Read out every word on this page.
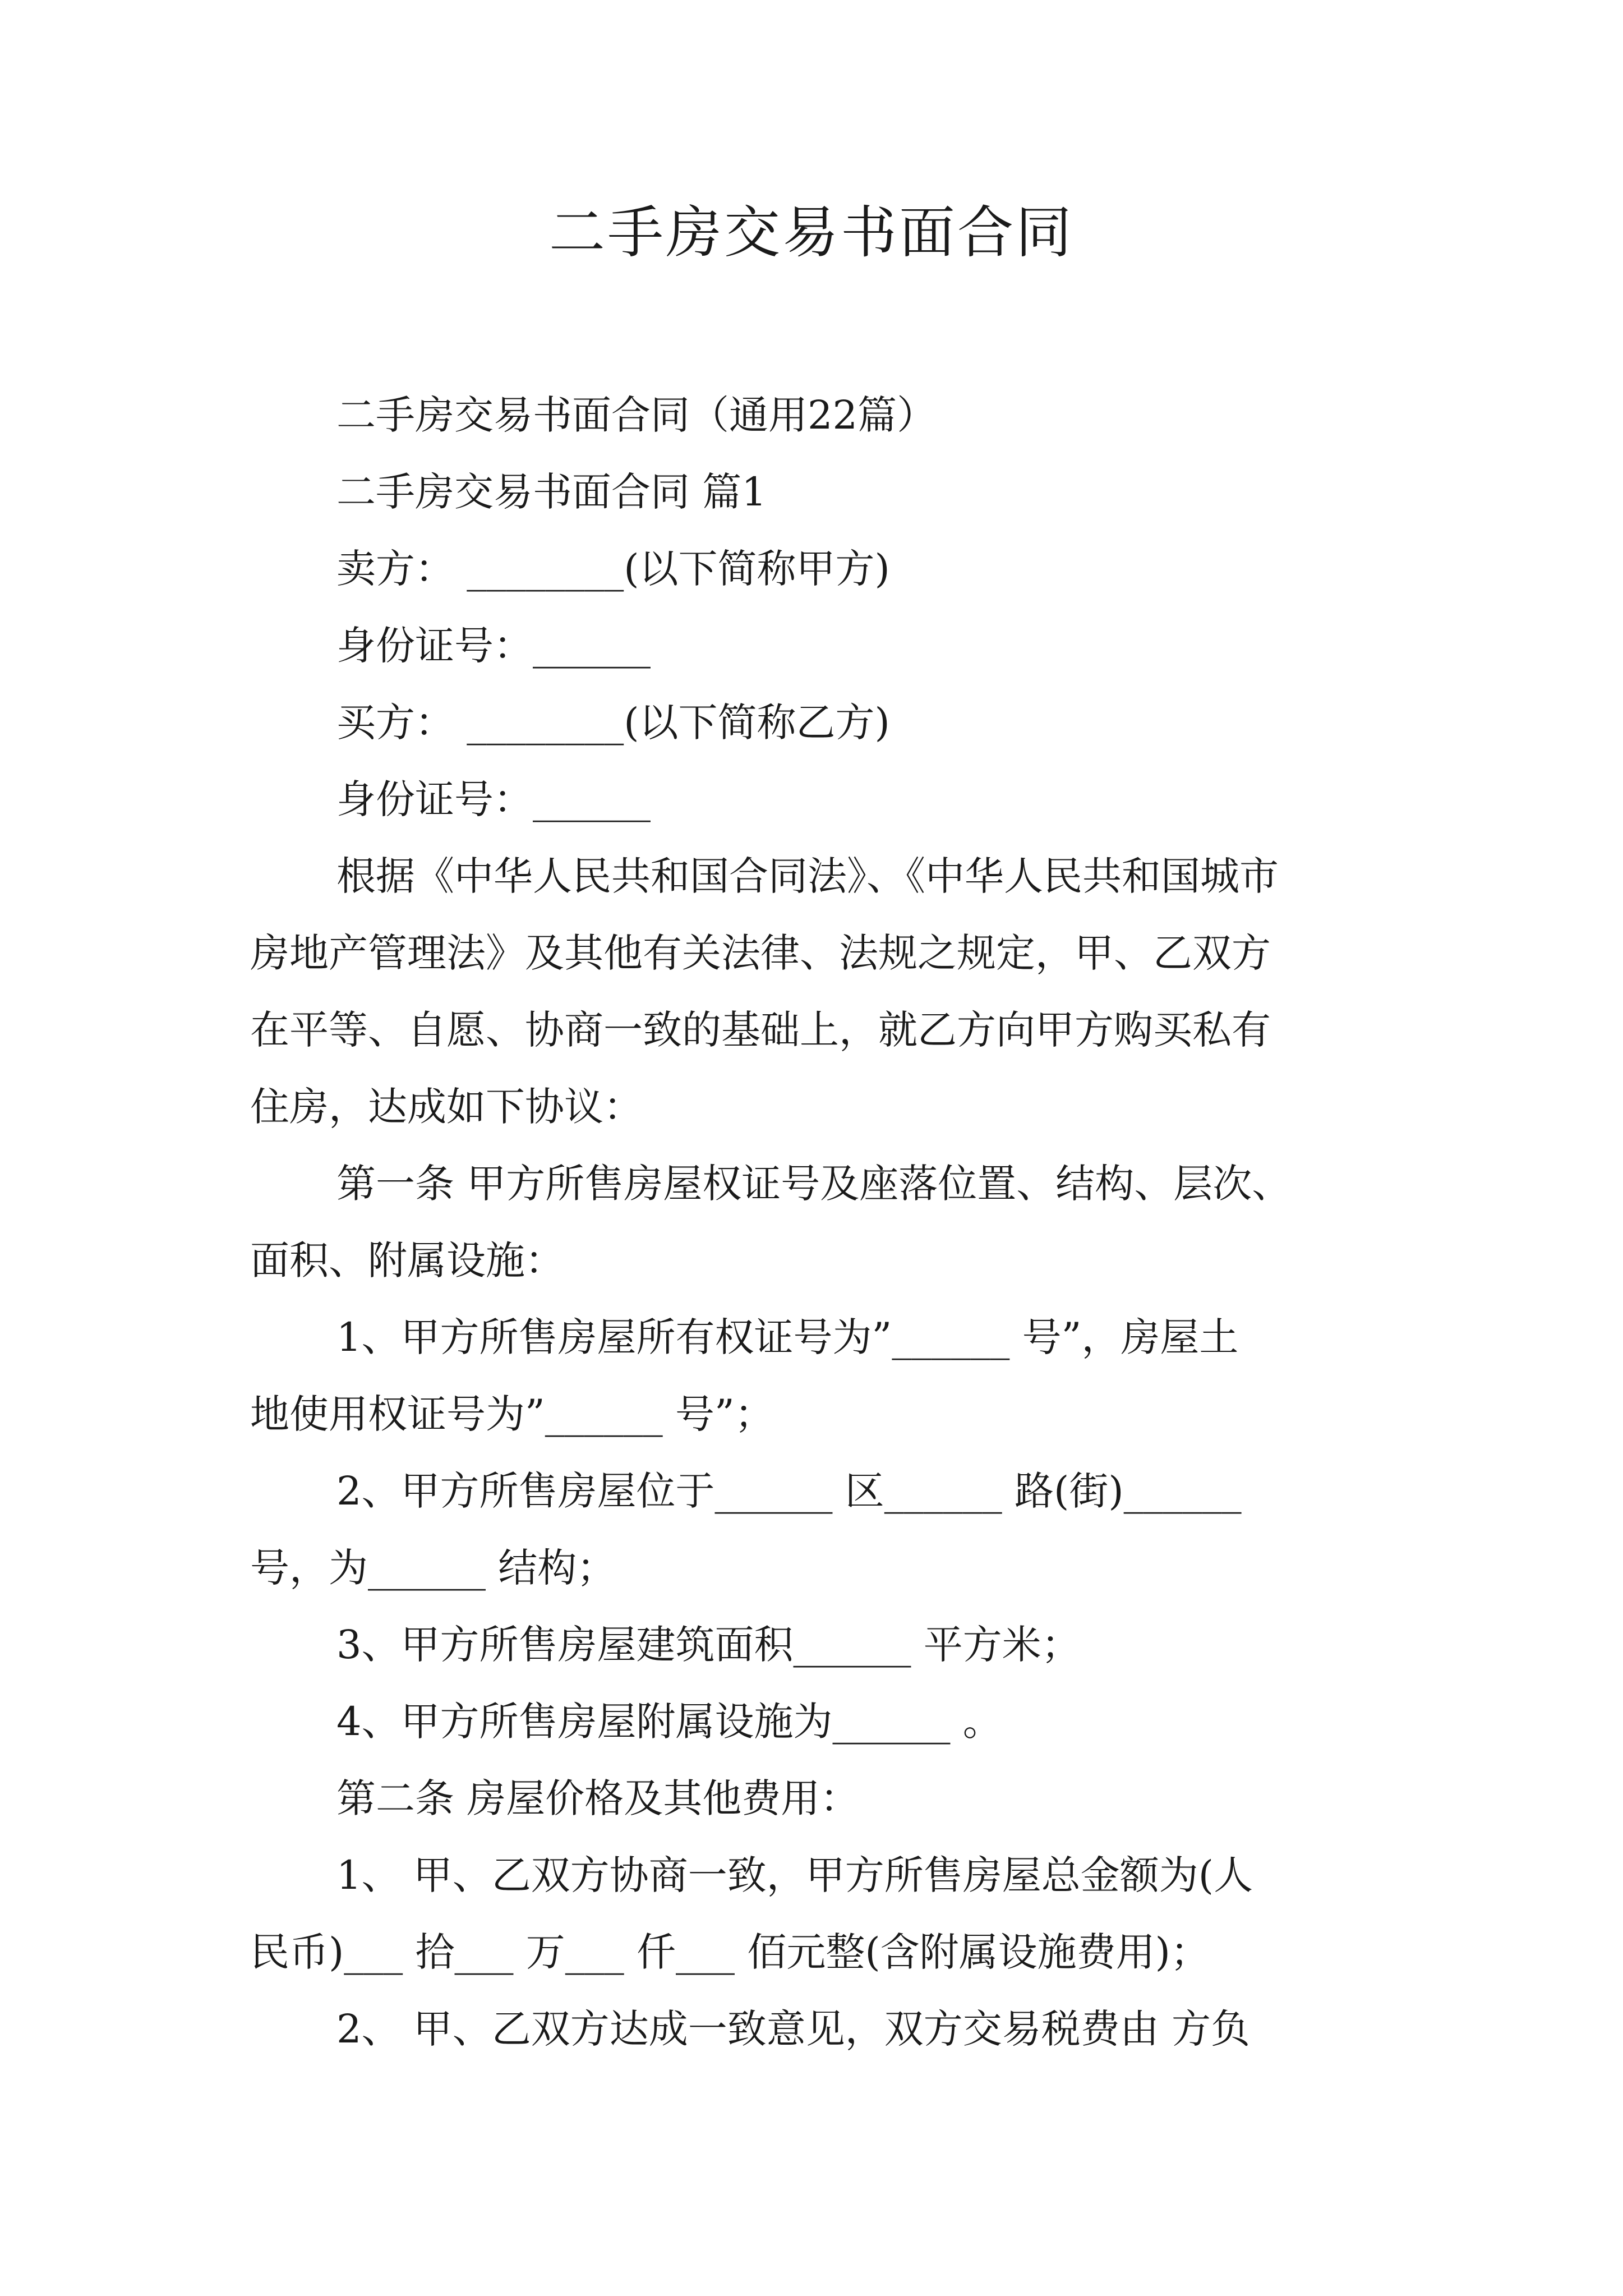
二手房交易书面合同

二手房交易书面合同（通用22篇）

二手房交易书面合同 篇1

卖方： ________(以下简称甲方)

身份证号：______

买方： ________(以下简称乙方)

身份证号：______

根据《中华人民共和国合同法》、《中华人民共和国城市

房地产管理法》及其他有关法律、法规之规定，甲、乙双方

在平等、自愿、协商一致的基础上，就乙方向甲方购买私有

住房，达成如下协议：

第一条 甲方所售房屋权证号及座落位置、结构、层次、

面积、附属设施：

1、甲方所售房屋所有权证号为”______ 号”，房屋土

地使用权证号为”______ 号”；

2、甲方所售房屋位于______ 区______ 路(街)______

号，为______ 结构；

3、甲方所售房屋建筑面积______ 平方米；

4、甲方所售房屋附属设施为______ 。

第二条 房屋价格及其他费用：

1、 甲、乙双方协商一致，甲方所售房屋总金额为(人

民币)___ 拾___ 万___ 仟___ 佰元整(含附属设施费用)；

2、 甲、乙双方达成一致意见，双方交易税费由 方负
